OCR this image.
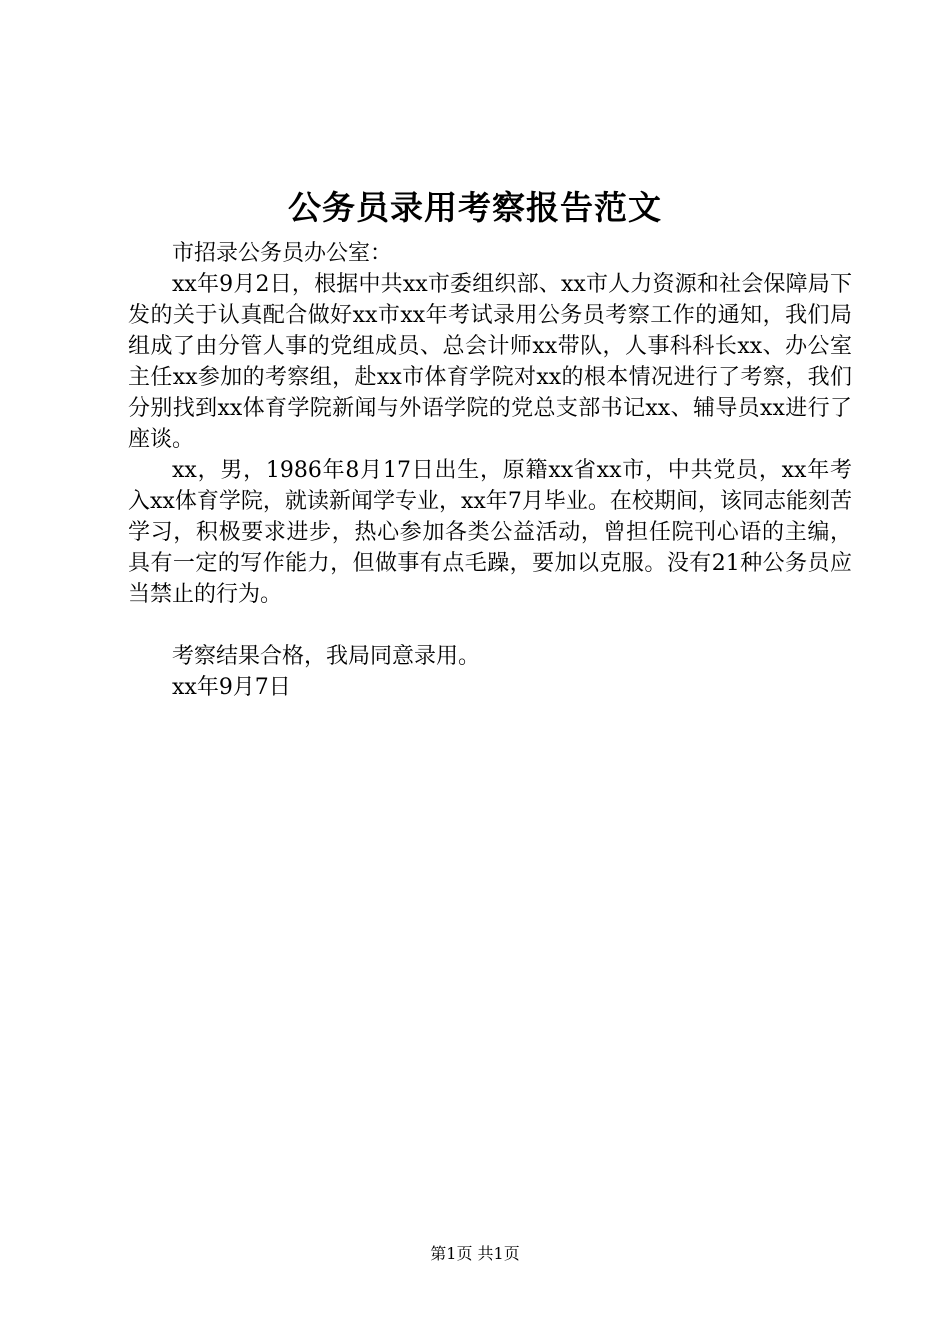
公务员录用考察报告范文

市招录公务员办公室：

xx年9月2日，根据中共xx市委组织部、xx市人力资源和社会保障局下发的关于认真配合做好xx市xx年考试录用公务员考察工作的通知，我们局组成了由分管人事的党组成员、总会计师xx带队，人事科科长xx、办公室主任xx参加的考察组，赴xx市体育学院对xx的根本情况进行了考察，我们分别找到xx体育学院新闻与外语学院的党总支部书记xx、辅导员xx进行了座谈。

xx，男，1986年8月17日出生，原籍xx省xx市，中共党员，xx年考入xx体育学院，就读新闻学专业，xx年7月毕业。在校期间，该同志能刻苦学习，积极要求进步，热心参加各类公益活动，曾担任院刊心语的主编，具有一定的写作能力，但做事有点毛躁，要加以克服。没有21种公务员应当禁止的行为。

考察结果合格，我局同意录用。

xx年9月7日

第1页 共1页
